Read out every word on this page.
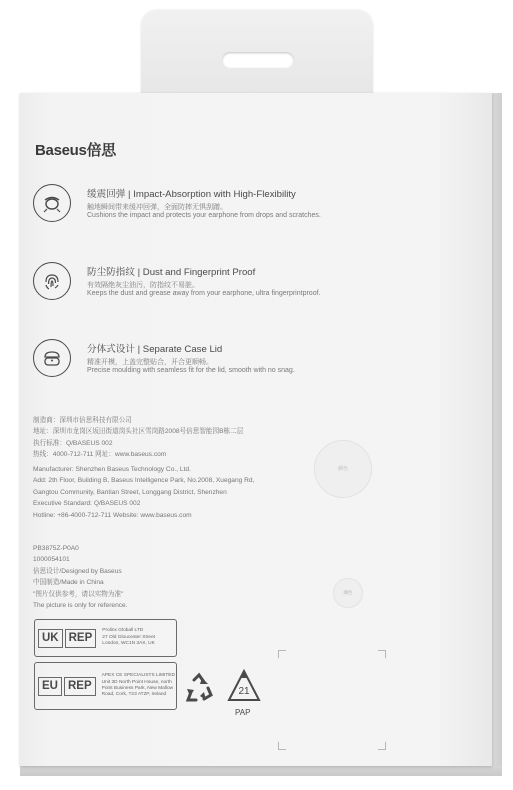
Baseus倍思
缓震回弹 | Impact-Absorption with High-Flexibility
触地瞬间带来缓冲回弹，全面防摔无惧刮蹭。
Cushions the impact and protects your earphone from drops and scratches.
防尘防指纹 | Dust and Fingerprint Proof
有效隔绝灰尘油污，防指纹不易脏。
Keeps the dust and grease away from your earphone, ultra fingerprintproof.
分体式设计 | Separate Case Lid
精准开模，上盖完整贴合，开合更顺畅。
Precise moulding with seamless fit for the lid, smooth with no snag.
制造商：深圳市倍思科技有限公司
地址：深圳市龙岗区坂田街道岗头社区雪岗路2008号倍思智能园B栋二层
执行标准：Q/BASEUS 002
热线：4000-712-711 网址：www.baseus.com
Manufacturer: Shenzhen Baseus Technology Co., Ltd.
Add: 2th Floor, Building B, Baseus Intelligence Park, No.2008, Xuegang Rd,
Gangtou Community, Bantian Street, Longgang District, Shenzhen
Executive Standard: Q/BASEUS 002
Hotline: +86-4000-712-711 Website: www.baseus.com
颜色
PB3875Z-P0A0
1000054101
倍思设计/Designed by Baseus
中国制造/Made in China
"图片仅供参考，请以实物为准"
The picture is only for reference.
颜色
UK REP
Prolinx Globall LTD
27 Old Gloucester Street
London, WC1N 3AX, UK
EU REP
APEX CE SPECIALISTS LIMITED
Unit 3D North Point House, north
Point Business Park, New Mallow
Road, Cork, T23 AT2P, Ireland	21
PAP
